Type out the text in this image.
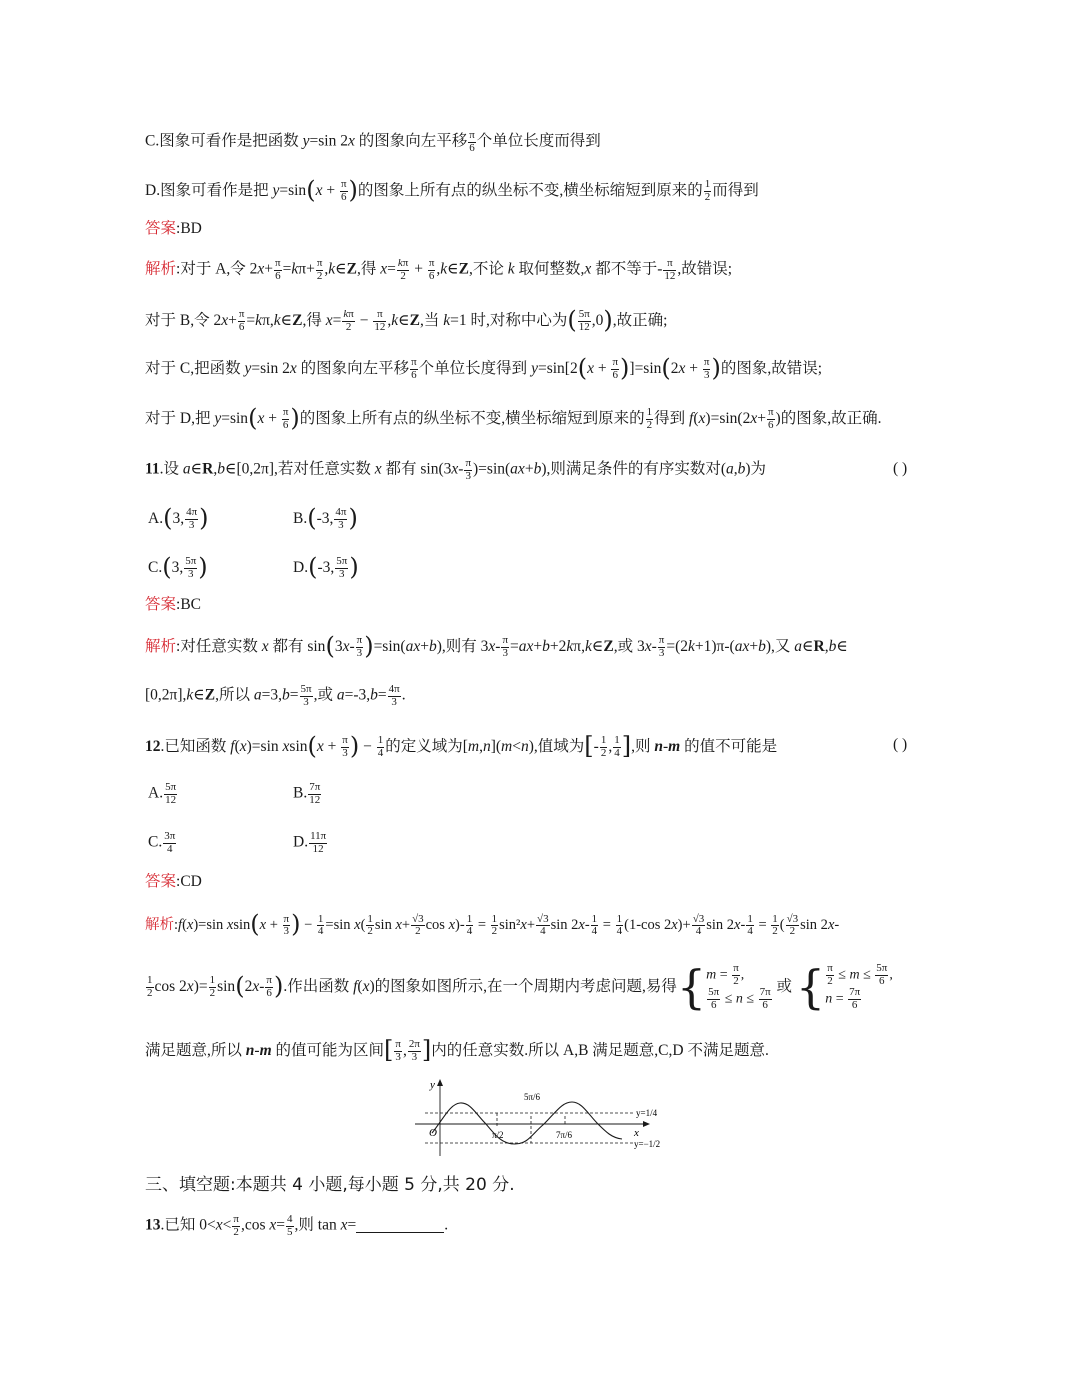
C.图象可看作是把函数 y=sin 2x 的图象向左平移 $\frac{\pi}{6}$ 个单位长度而得到
D.图象可看作是把 $y=\sin(x + \frac{\pi}{6}$ )的图象上所有点的纵坐标不变,横坐标缩短到原来的 $\frac{1}{2}$ 而得到
答案:BD
解析:对于 A,令 $2x+ \frac{\pi}{6} =k\pi+ \frac{\pi}{2}$ ,k∈Z,得 $x= \frac{k\pi}{2} + \frac{\pi}{6}$ ,k∈Z,不论 k 取何整数,x 都不等于- $\frac{\pi}{12}$ ,故错误;
对于 B,令 $2x+ \frac{\pi}{6}$ =kπ,k∈Z,得 $x= \frac{k\pi}{2} - \frac{\pi}{12}$ ,k∈Z,当 k=1 时,对称中心为( $\frac{5\pi}{12} ,0$),故正确;
对于 C,把函数 y=sin 2x 的图象向左平移 $\frac{\pi}{6}$ 个单位长度得到 $y=\sin[2(x + \frac{\pi}{6} )]=\sin(2x + \frac{\pi}{3}$ )的图象,故错误;
对于 D,把 $y=\sin(x + \frac{\pi}{6}$ )的图象上所有点的纵坐标不变,横坐标缩短到原来的 $\frac{1}{2}$ 得到 $f(x)=\sin(2x+ \frac{\pi}{6}$ )的图象,故正确.
11.设 a∈R,b∈[0,2π],若对任意实数 x 都有 $\sin(3x- \frac{\pi}{3} )=\sin(ax+b)$,则满足条件的有序实数对(a,b)为	( )
A.(3, $\frac{4\pi}{3}$ )	B.(-3, $\frac{4\pi}{3}$ )
C.(3, $\frac{5\pi}{3}$ )	D.(-3, $\frac{5\pi}{3}$ )
答案:BC
解析:对任意实数 x 都有 $\sin(3x- \frac{\pi}{3} )=\sin(ax+b)$,则有 $3x- \frac{\pi}{3}$ =ax+b+2kπ,k∈Z,或 $3x- \frac{\pi}{3} =(2k+1)\pi-(ax+b)$,又 a∈R,b∈
[0,2π],k∈Z,所以 $a=3,b= \frac{5\pi}{3}$ ,或 $a=-3,b= \frac{4\pi}{3}$ .
12.已知函数 f(x)=sin $xsin(x + \frac{\pi}{3}$ ) − $\frac{1}{4}$ 的定义域为[m,n](m<n),值域为[- $\frac{1}{2}$ , $\frac{1}{4}$ ],则 n-m 的值不可能是	( )
A. $\frac{5\pi}{12}$	B. $\frac{7\pi}{12}$
C. $\frac{3\pi}{4}$	D. $\frac{11\pi}{12}$
答案:CD
解析:f(x)=sin $xsin(x + \frac{\pi}{3}$ ) − $\frac{1}{4} =\sin$ $x( \frac{1}{2}$ $\sin x+ \frac{√3}{2}$ $\cos x)- \frac{1}{4} = \frac{1}{2} \sin^2x+ \frac{√3}{4}$ $\sin 2x- \frac{1}{4} = \frac{1}{4} (1-\cos$ $2x)+ \frac{√3}{4}$ $\sin 2x- \frac{1}{4} = \frac{1}{2}$ ( $\frac{√3}{2}$ sin 2x-
$\frac{1}{2}$ $\cos 2x)= \frac{1}{2} \sin(2x- \frac{\pi}{6}$ ).作出函数 f(x)的图象如图所示,在一个周期内考虑问题,易得{$m = \frac{\pi}{2}$ ,

$\frac{5\pi}{6} \le n \le \frac{7\pi}{6}$
或 { $\frac{\pi}{2} \le m \le \frac{5\pi}{6}$ ,
$n = \frac{7\pi}{6}$
满足题意,所以 n-m 的值可能为区间[ $\frac{\pi}{3}$ , $\frac{2\pi}{3}$ ]内的任意实数.所以 A,B 满足题意,C,D 不满足题意.
y
x
O
5π/6
π/2	7π/6
y=1/4
y=−1/2
三、填空题:本题共 4 小题,每小题 5 分,共 20 分.
13.已知 $0<x< \frac{\pi}{2} ,\cos$ $x= \frac{4}{5}$ ,则 tan x=	.
